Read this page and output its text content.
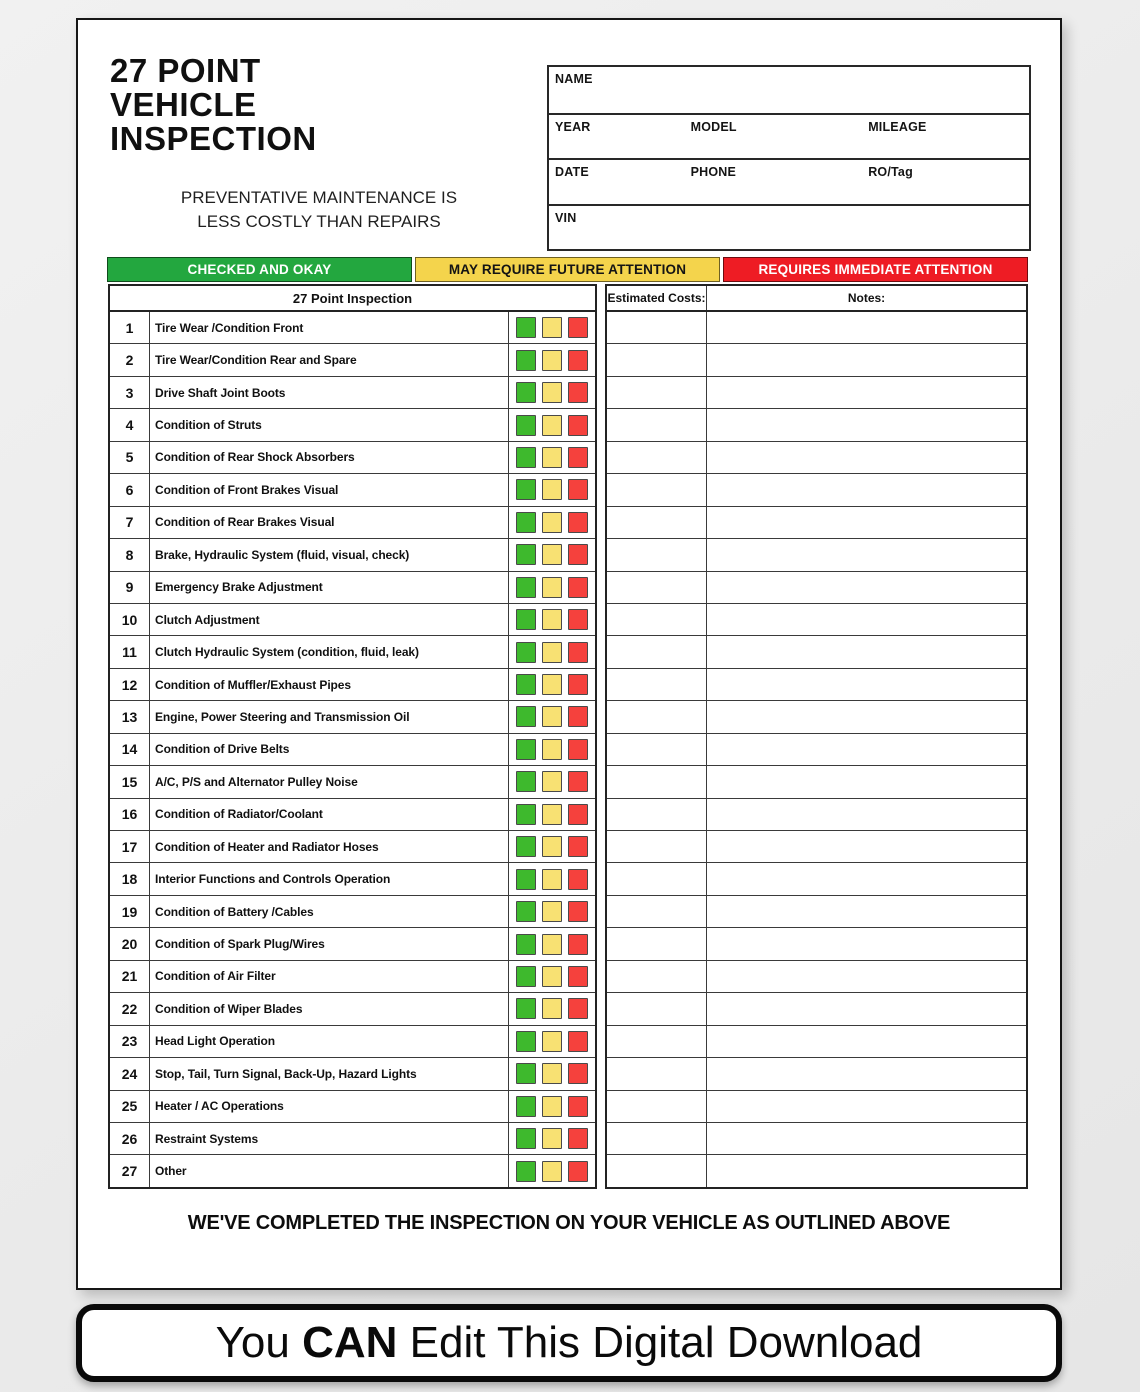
27 POINT
VEHICLE
INSPECTION
PREVENTATIVE MAINTENANCE IS
LESS COSTLY THAN REPAIRS
NAME
YEAR	MODEL	MILEAGE
DATE	PHONE	RO/Tag
VIN
CHECKED AND OKAY	MAY REQUIRE FUTURE ATTENTION	REQUIRES IMMEDIATE ATTENTION
27 Point Inspection
1	Tire Wear /Condition Front
2	Tire Wear/Condition Rear and Spare
3	Drive Shaft Joint Boots
4	Condition of Struts
5	Condition of Rear Shock Absorbers
6	Condition of Front Brakes Visual
7	Condition of Rear Brakes Visual
8	Brake, Hydraulic System (fluid, visual, check)
9	Emergency Brake Adjustment
10	Clutch Adjustment
11	Clutch Hydraulic System (condition, fluid, leak)
12	Condition of Muffler/Exhaust Pipes
13	Engine, Power Steering and Transmission Oil
14	Condition of Drive Belts
15	A/C, P/S and Alternator Pulley Noise
16	Condition of Radiator/Coolant
17	Condition of Heater and Radiator Hoses
18	Interior Functions and Controls Operation
19	Condition of Battery /Cables
20	Condition of Spark Plug/Wires
21	Condition of Air Filter
22	Condition of Wiper Blades
23	Head Light Operation
24	Stop, Tail, Turn Signal, Back-Up, Hazard Lights
25	Heater / AC Operations
26	Restraint Systems
27	Other
Estimated Costs:	Notes:
WE'VE COMPLETED THE INSPECTION ON YOUR VEHICLE AS OUTLINED ABOVE
You CAN Edit This Digital Download
